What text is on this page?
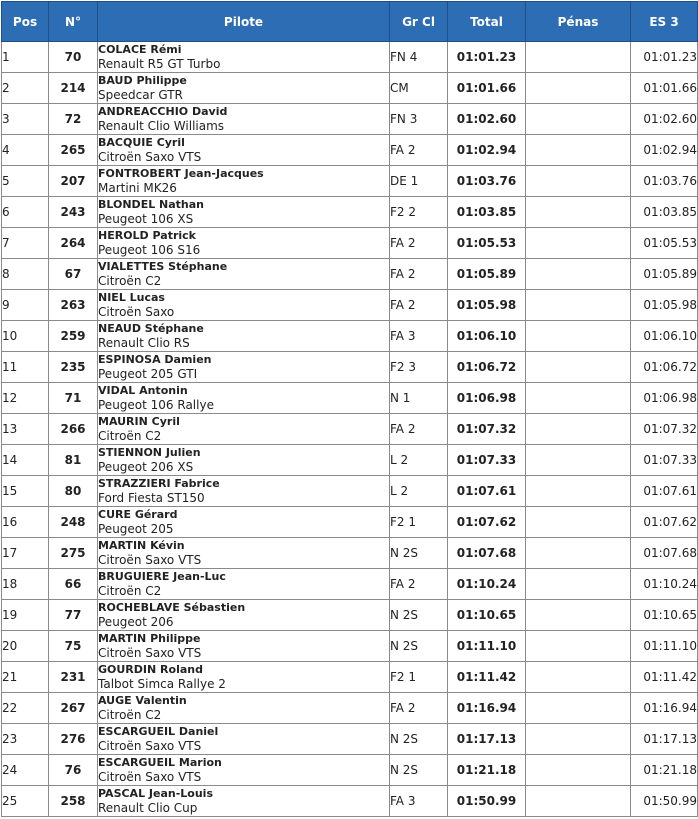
Pos	N°	Pilote	Gr Cl	Total	Pénas	ES 3
1	70	COLACE Rémi
Renault R5 GT Turbo	FN 4	01:01.23		01:01.23
2	214	BAUD Philippe
Speedcar GTR	CM	01:01.66		01:01.66
3	72	ANDREACCHIO David
Renault Clio Williams	FN 3	01:02.60		01:02.60
4	265	BACQUIE Cyril
Citroën Saxo VTS	FA 2	01:02.94		01:02.94
5	207	FONTROBERT Jean-Jacques
Martini MK26	DE 1	01:03.76		01:03.76
6	243	BLONDEL Nathan
Peugeot 106 XS	F2 2	01:03.85		01:03.85
7	264	HEROLD Patrick
Peugeot 106 S16	FA 2	01:05.53		01:05.53
8	67	VIALETTES Stéphane
Citroën C2	FA 2	01:05.89		01:05.89
9	263	NIEL Lucas
Citroën Saxo	FA 2	01:05.98		01:05.98
10	259	NEAUD Stéphane
Renault Clio RS	FA 3	01:06.10		01:06.10
11	235	ESPINOSA Damien
Peugeot 205 GTI	F2 3	01:06.72		01:06.72
12	71	VIDAL Antonin
Peugeot 106 Rallye	N 1	01:06.98		01:06.98
13	266	MAURIN Cyril
Citroën C2	FA 2	01:07.32		01:07.32
14	81	STIENNON Julien
Peugeot 206 XS	L 2	01:07.33		01:07.33
15	80	STRAZZIERI Fabrice
Ford Fiesta ST150	L 2	01:07.61		01:07.61
16	248	CURE Gérard
Peugeot 205	F2 1	01:07.62		01:07.62
17	275	MARTIN Kévin
Citroën Saxo VTS	N 2S	01:07.68		01:07.68
18	66	BRUGUIERE Jean-Luc
Citroën C2	FA 2	01:10.24		01:10.24
19	77	ROCHEBLAVE Sébastien
Peugeot 206	N 2S	01:10.65		01:10.65
20	75	MARTIN Philippe
Citroën Saxo VTS	N 2S	01:11.10		01:11.10
21	231	GOURDIN Roland
Talbot Simca Rallye 2	F2 1	01:11.42		01:11.42
22	267	AUGE Valentin
Citroën C2	FA 2	01:16.94		01:16.94
23	276	ESCARGUEIL Daniel
Citroën Saxo VTS	N 2S	01:17.13		01:17.13
24	76	ESCARGUEIL Marion
Citroën Saxo VTS	N 2S	01:21.18		01:21.18
25	258	PASCAL Jean-Louis
Renault Clio Cup	FA 3	01:50.99		01:50.99
